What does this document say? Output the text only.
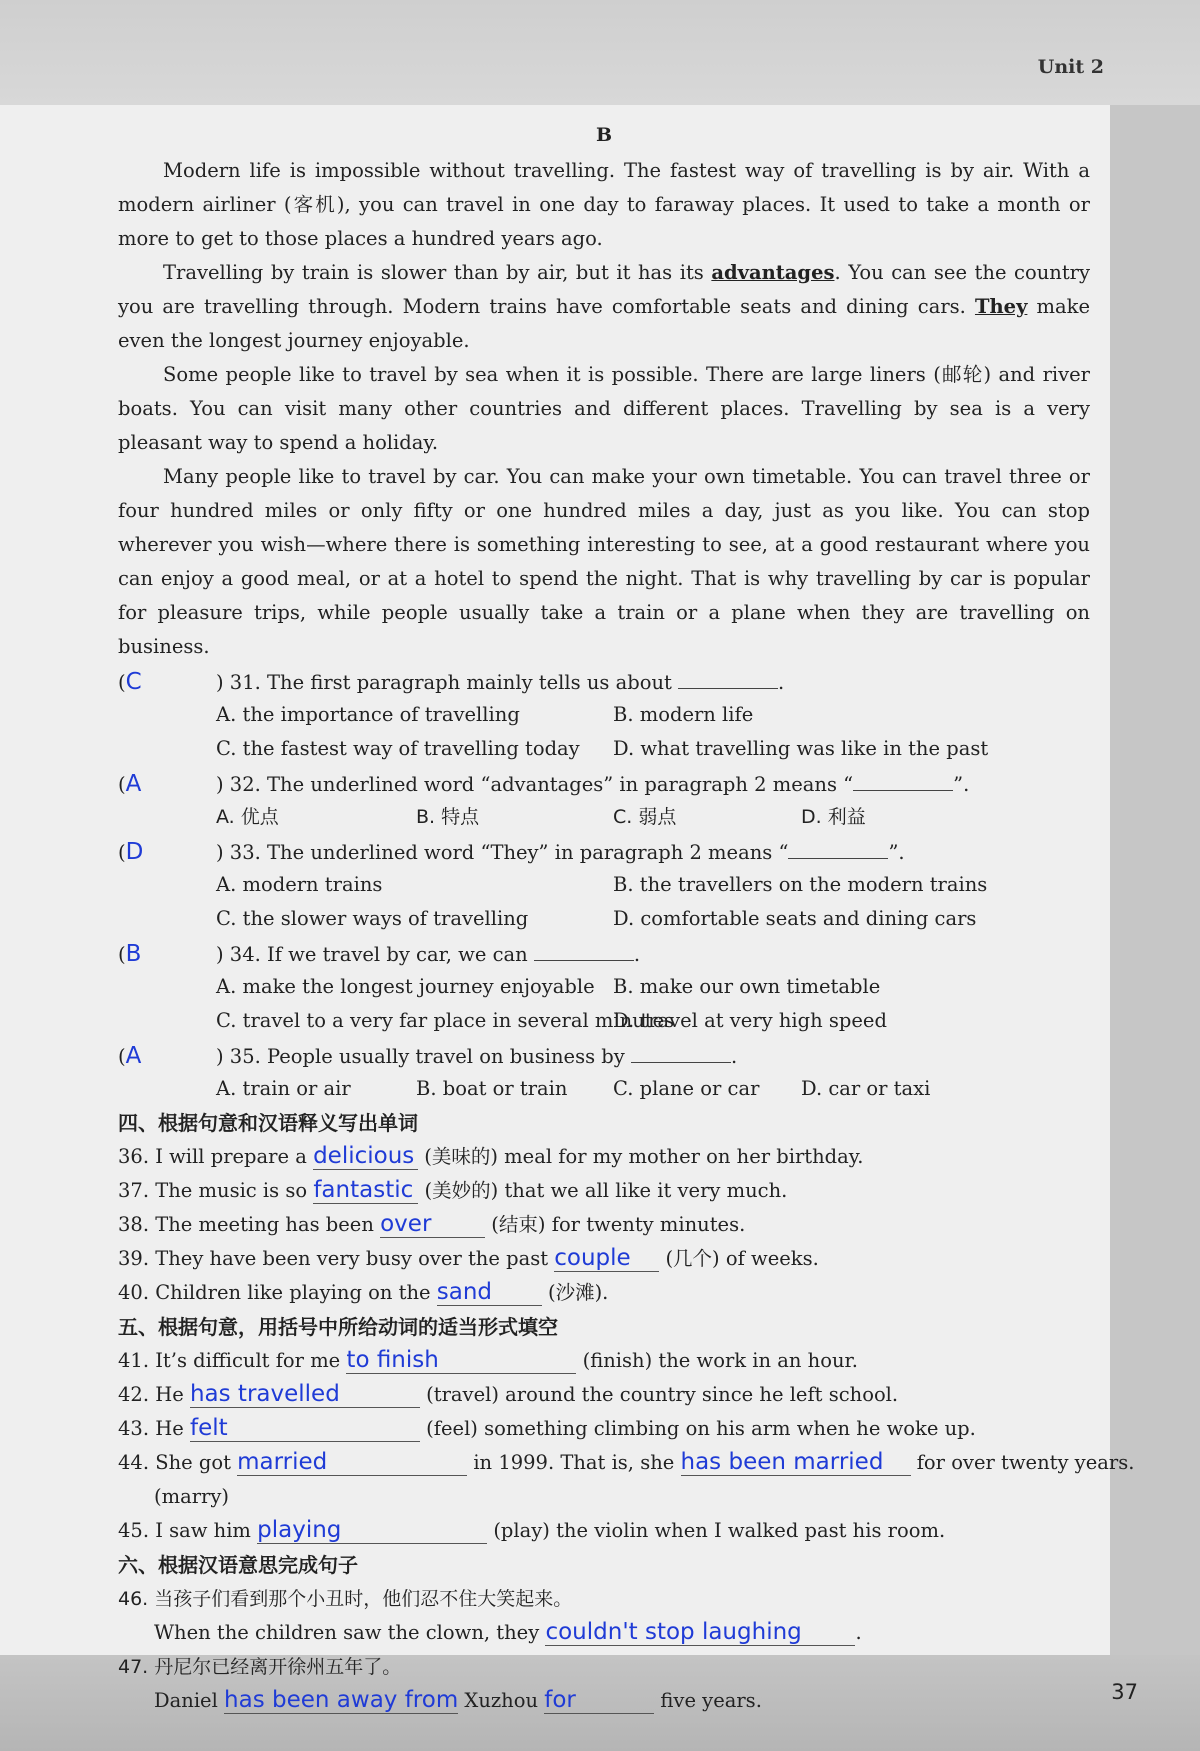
Unit 2
37
B

Modern life is impossible without travelling. The fastest way of travelling is by air. With a modern airliner (客机), you can travel in one day to faraway places. It used to take a month or more to get to those places a hundred years ago.

Travelling by train is slower than by air, but it has its advantages. You can see the country you are travelling through. Modern trains have comfortable seats and dining cars. They make even the longest journey enjoyable.

Some people like to travel by sea when it is possible. There are large liners (邮轮) and river boats. You can visit many other countries and different places. Travelling by sea is a very pleasant way to spend a holiday.

Many people like to travel by car. You can make your own timetable. You can travel three or four hundred miles or only fifty or one hundred miles a day, just as you like. You can stop wherever you wish—where there is something interesting to see, at a good restaurant where you can enjoy a good meal, or at a hotel to spend the night. That is why travelling by car is popular for pleasure trips, while people usually take a train or a plane when they are travelling on business.

(C	) 31. The first paragraph mainly tells us about	.
A. the importance of travelling	B. modern life
C. the fastest way of travelling today D. what travelling was like in the past
(A	) 32. The underlined word “advantages” in paragraph 2 means “	”.
A. 优点	B. 特点	C. 弱点	D. 利益
(D	) 33. The underlined word “They” in paragraph 2 means “	”.
A. modern trains	B. the travellers on the modern trains
C. the slower ways of travelling	D. comfortable seats and dining cars
(B	) 34. If we travel by car, we can	.
A. make the longest journey enjoyable B. make our own timetable
C. travel to a very far place in several minutes
D. travel at very high speed
(A	) 35. People usually travel on business by	.
A. train or air	B. boat or train C. plane or car D. car or taxi
四、根据句意和汉语释义写出单词
36. I will prepare a delicious (美味的) meal for my mother on her birthday.
37. The music is so fantastic (美妙的) that we all like it very much.
38. The meeting has been over	(结束) for twenty minutes.
39. They have been very busy over the past couple (几个) of weeks.
40. Children like playing on the sand	(沙滩).
五、根据句意，用括号中所给动词的适当形式填空
41. It’s difficult for me to finish	(finish) the work in an hour.
42. He has travelled	(travel) around the country since he left school.
43. He felt	(feel) something climbing on his arm when he woke up.
44. She got married	in 1999. That is, she has been married for over twenty years.
(marry)
45. I saw him playing	(play) the violin when I walked past his room.
六、根据汉语意思完成句子
46. 当孩子们看到那个小丑时，他们忍不住大笑起来。
When the children saw the clown, they couldn't stop laughing	.
47. 丹尼尔已经离开徐州五年了。
Daniel has been away from Xuzhou for	five years.
